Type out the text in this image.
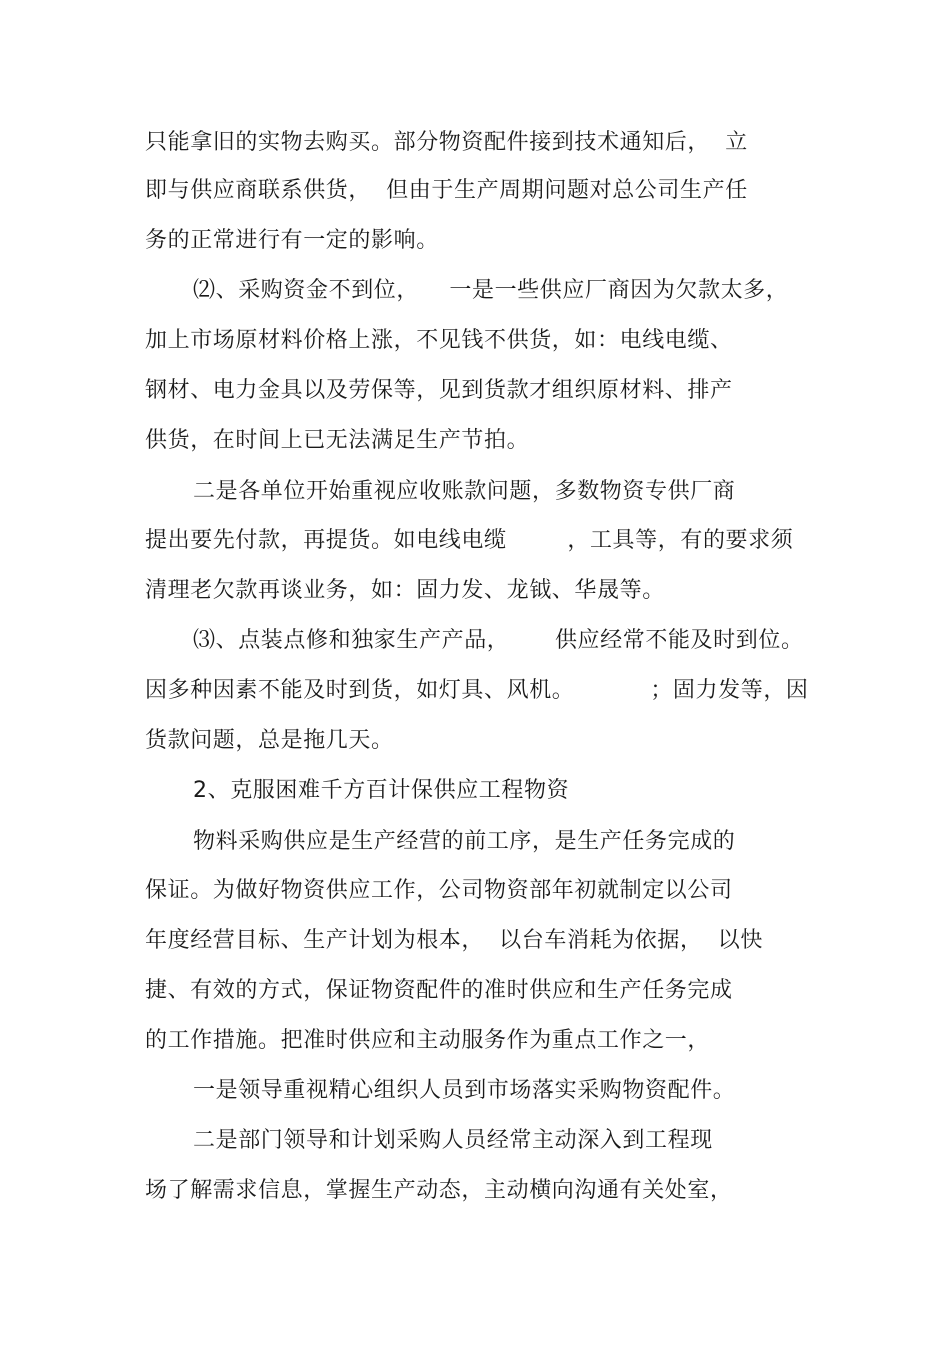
只能拿旧的实物去购买。部分物资配件接到技术通知后，  立
即与供应商联系供货，  但由于生产周期问题对总公司生产任
务的正常进行有一定的影响。
⑵、采购资金不到位，    一是一些供应厂商因为欠款太多，
加上市场原材料价格上涨，不见钱不供货，如：电线电缆、
钢材、电力金具以及劳保等，见到货款才组织原材料、排产
供货，在时间上已无法满足生产节拍。
二是各单位开始重视应收账款问题，多数物资专供厂商
提出要先付款，再提货。如电线电缆        ，工具等，有的要求须
清理老欠款再谈业务，如：固力发、龙钺、华晟等。
⑶、点装点修和独家生产产品，      供应经常不能及时到位。
因多种因素不能及时到货，如灯具、风机。          ；固力发等，因
货款问题，总是拖几天。
2、克服困难千方百计保供应工程物资
物料采购供应是生产经营的前工序，是生产任务完成的
保证。为做好物资供应工作，公司物资部年初就制定以公司
年度经营目标、生产计划为根本，  以台车消耗为依据，  以快
捷、有效的方式，保证物资配件的准时供应和生产任务完成
的工作措施。把准时供应和主动服务作为重点工作之一，
一是领导重视精心组织人员到市场落实采购物资配件。
二是部门领导和计划采购人员经常主动深入到工程现
场了解需求信息，掌握生产动态，主动横向沟通有关处室，
